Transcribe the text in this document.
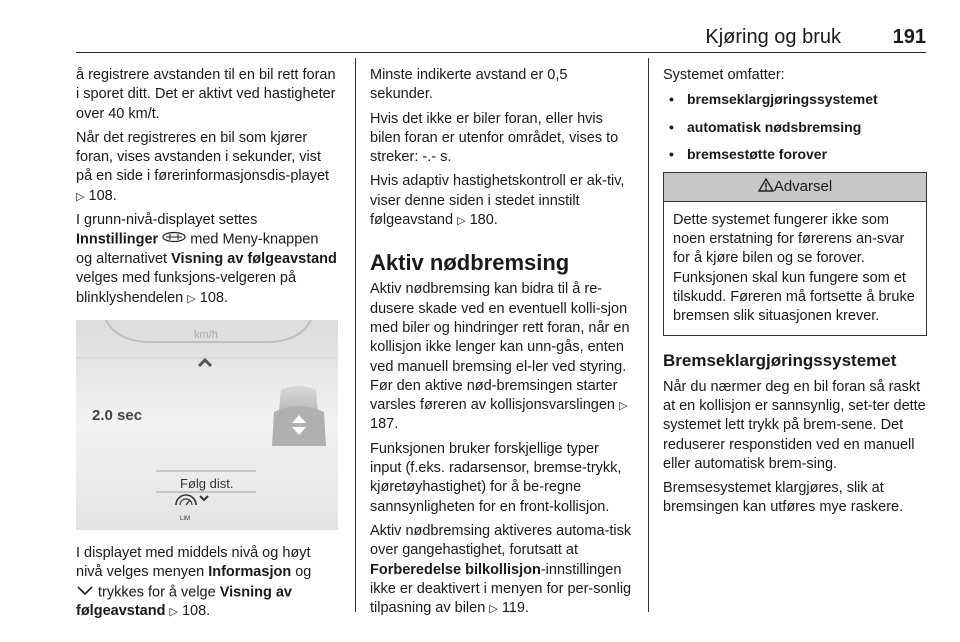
Kjøring og bruk	191

å registrere avstanden til en bil rett foran i sporet ditt. Det er aktivt ved hastigheter over 40 km/t.

Når det registreres en bil som kjører foran, vises avstanden i sekunder, vist på en side i førerinformasjonsdis-playet ▷ 108.

I grunn-nivå-displayet settes Innstillinger med Meny-knappen og alternativet Visning av følgeavstand velges med funksjons-velgeren på blinklyshendelen ▷ 108.

km/h
2.0 sec
Følg dist.
LIM

I displayet med middels nivå og høyt nivå velges menyen Informasjon og
trykkes for å velge Visning av følgeavstand ▷ 108.

Minste indikerte avstand er 0,5 sekunder.

Hvis det ikke er biler foran, eller hvis bilen foran er utenfor området, vises to streker: -.- s.

Hvis adaptiv hastighetskontroll er ak-tiv, viser denne siden i stedet innstilt følgeavstand ▷ 180.

Aktiv nødbremsing

Aktiv nødbremsing kan bidra til å re-dusere skade ved en eventuell kolli-sjon med biler og hindringer rett foran, når en kollisjon ikke lenger kan unn-gås, enten ved manuell bremsing el-ler ved styring. Før den aktive nød-bremsingen starter varsles føreren av kollisjonsvarslingen ▷ 187.

Funksjonen bruker forskjellige typer input (f.eks. radarsensor, bremse-trykk, kjøretøyhastighet) for å be-regne sannsynligheten for en front-kollisjon.

Aktiv nødbremsing aktiveres automa-tisk over gangehastighet, forutsatt at Forberedelse bilkollisjon-innstillingen ikke er deaktivert i menyen for per-sonlig tilpasning av bilen ▷ 119.

Systemet omfatter:

• bremseklargjøringssystemet
• automatisk nødsbremsing
• bremsestøtte forover
Advarsel

Dette systemet fungerer ikke som noen erstatning for førerens an-svar for å kjøre bilen og se forover. Funksjonen skal kun fungere som et tilskudd. Føreren må fortsette å bruke bremsen slik situasjonen krever.

Bremseklargjøringssystemet

Når du nærmer deg en bil foran så raskt at en kollisjon er sannsynlig, set-ter dette systemet lett trykk på brem-sene. Det reduserer responstiden ved en manuell eller automatisk brem-sing.

Bremsesystemet klargjøres, slik at bremsingen kan utføres mye raskere.
